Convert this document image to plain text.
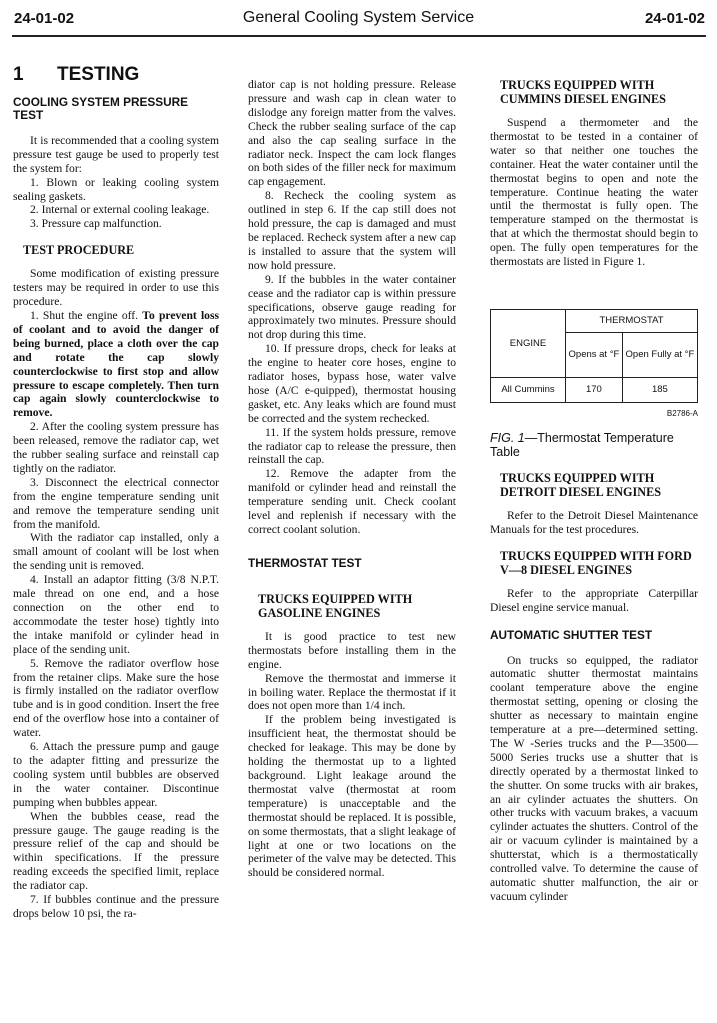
24-01-02	General Cooling System Service	24-01-02
1 TESTING
COOLING SYSTEM PRESSURE TEST

It is recommended that a cooling system pressure test gauge be used to properly test the system for:

1. Blown or leaking cooling system sealing gaskets.

2. Internal or external cooling leakage.

3. Pressure cap malfunction.

TEST PROCEDURE

Some modification of existing pressure testers may be required in order to use this procedure.

1. Shut the engine off. To prevent loss of coolant and to avoid the danger of being burned, place a cloth over the cap and rotate the cap slowly counterclockwise to first stop and allow pressure to escape completely. Then turn cap again slowly counterclockwise to remove.

2. After the cooling system pressure has been released, remove the radiator cap, wet the rubber sealing surface and reinstall cap tightly on the radiator.

3. Disconnect the electrical connector from the engine temperature sending unit and remove the temperature sending unit from the manifold.

With the radiator cap installed, only a small amount of coolant will be lost when the sending unit is removed.

4. Install an adaptor fitting (3/8 N.P.T. male thread on one end, and a hose connection on the other end to accommodate the tester hose) tightly into the intake manifold or cylinder head in place of the sending unit.

5. Remove the radiator overflow hose from the retainer clips. Make sure the hose is firmly installed on the radiator overflow tube and is in good condition. Insert the free end of the overflow hose into a container of water.

6. Attach the pressure pump and gauge to the adapter fitting and pressurize the cooling system until bubbles are observed in the water container. Discontinue pumping when bubbles appear.

When the bubbles cease, read the pressure gauge. The gauge reading is the pressure relief of the cap and should be within specifications. If the pressure reading exceeds the specified limit, replace the radiator cap.

7. If bubbles continue and the pressure drops below 10 psi, the ra-

diator cap is not holding pressure. Release pressure and wash cap in clean water to dislodge any foreign matter from the valves. Check the rubber sealing surface of the cap and also the cap sealing surface in the radiator neck. Inspect the cam lock flanges on both sides of the filler neck for maximum cap engagement.

8. Recheck the cooling system as outlined in step 6. If the cap still does not hold pressure, the cap is damaged and must be replaced. Recheck system after a new cap is installed to assure that the system will now hold pressure.

9. If the bubbles in the water container cease and the radiator cap is within pressure specifications, observe gauge reading for approximately two minutes. Pressure should not drop during this time.

10. If pressure drops, check for leaks at the engine to heater core hoses, engine to radiator hoses, bypass hose, water valve hose (A/C e-quipped), thermostat housing gasket, etc. Any leaks which are found must be corrected and the system rechecked.

11. If the system holds pressure, remove the radiator cap to release the pressure, then reinstall the cap.

12. Remove the adapter from the manifold or cylinder head and reinstall the temperature sending unit. Check coolant level and replenish if necessary with the correct coolant solution.

THERMOSTAT TEST
TRUCKS EQUIPPED WITH GASOLINE ENGINES

It is good practice to test new thermostats before installing them in the engine.

Remove the thermostat and immerse it in boiling water. Replace the thermostat if it does not open more than 1/4 inch.

If the problem being investigated is insufficient heat, the thermostat should be checked for leakage. This may be done by holding the thermostat up to a lighted background. Light leakage around the thermostat valve (thermostat at room temperature) is unacceptable and the thermostat should be replaced. It is possible, on some thermostats, that a slight leakage of light at one or two locations on the perimeter of the valve may be detected. This should be considered normal.

TRUCKS EQUIPPED WITH CUMMINS DIESEL ENGINES

Suspend a thermometer and the thermostat to be tested in a container of water so that neither one touches the container. Heat the water container until the thermostat begins to open and note the temperature. Continue heating the water until the thermostat is fully open. The temperature stamped on the thermostat is that at which the thermostat should begin to open. The fully open temperatures for the thermostats are listed in Figure 1.

ENGINE	THERMOSTAT	
	Opens at °F	Open Fully at °F
All Cummins	170	185
B2786-A
FIG. 1—Thermostat Temperature Table
TRUCKS EQUIPPED WITH DETROIT DIESEL ENGINES

Refer to the Detroit Diesel Maintenance Manuals for the test procedures.

TRUCKS EQUIPPED WITH FORD V—8 DIESEL ENGINES

Refer to the appropriate Caterpillar Diesel engine service manual.

AUTOMATIC SHUTTER TEST

On trucks so equipped, the radiator automatic shutter thermostat maintains coolant temperature above the engine thermostat setting, opening or closing the shutter as necessary to maintain engine temperature at a pre—determined setting. The W -Series trucks and the P—3500—5000 Series trucks use a shutter that is directly operated by a thermostat linked to the shutter. On some trucks with air brakes, an air cylinder actuates the shutters. On other trucks with vacuum brakes, a vacuum cylinder actuates the shutters. Control of the air or vacuum cylinder is maintained by a shutterstat, which is a thermostatically controlled valve. To determine the cause of automatic shutter malfunction, the air or vacuum cylinder
